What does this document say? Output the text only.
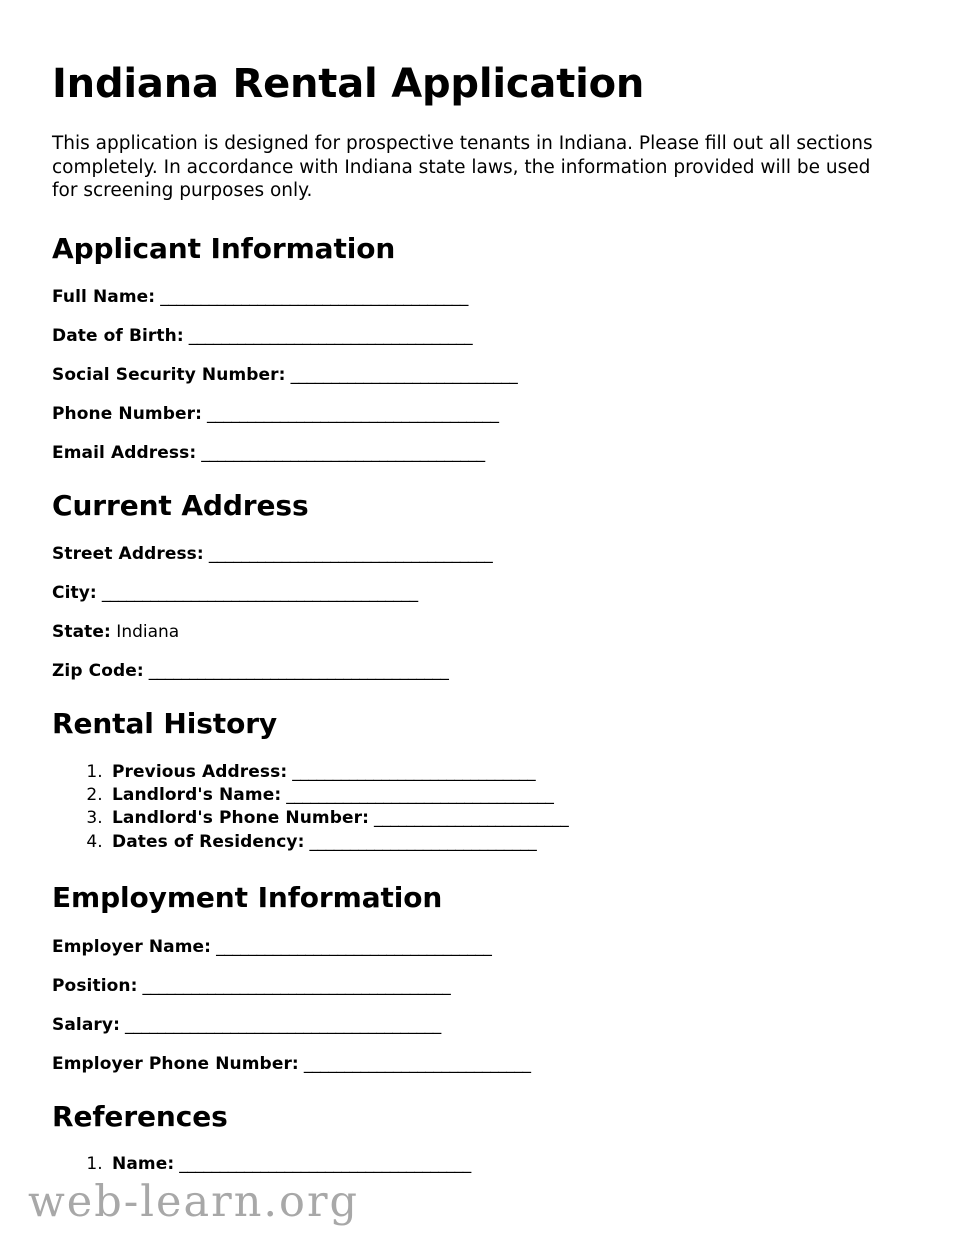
Indiana Rental Application

This application is designed for prospective tenants in Indiana. Please fill out all sections completely. In accordance with Indiana state laws, the information provided will be used for screening purposes only.

Applicant Information
Full Name: ______________________________________
Date of Birth: ___________________________________
Social Security Number: ____________________________
Phone Number: ____________________________________
Email Address: ___________________________________
Current Address
Street Address: ___________________________________
City: _______________________________________
State: Indiana
Zip Code: _____________________________________
Rental History
1. Previous Address: ______________________________
2. Landlord's Name: _________________________________
3. Landlord's Phone Number: ________________________
4. Dates of Residency: ____________________________
Employment Information
Employer Name: __________________________________
Position: ______________________________________
Salary: _______________________________________
Employer Phone Number: ____________________________
References
1. Name: ____________________________________
web-learn.org
